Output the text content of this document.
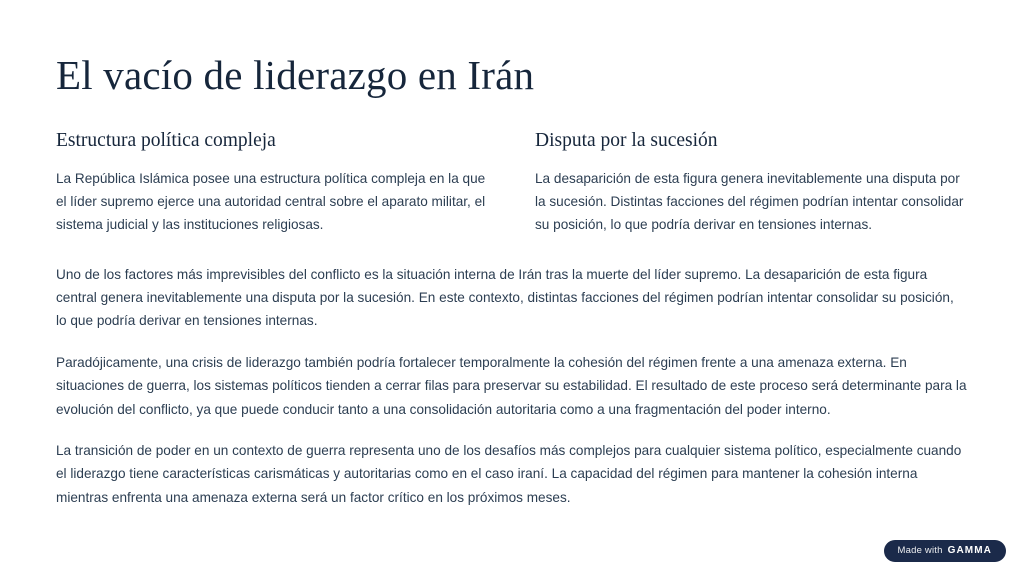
El vacío de liderazgo en Irán
Estructura política compleja

La República Islámica posee una estructura política compleja en la que el líder supremo ejerce una autoridad central sobre el aparato militar, el sistema judicial y las instituciones religiosas.

Disputa por la sucesión

La desaparición de esta figura genera inevitablemente una disputa por la sucesión. Distintas facciones del régimen podrían intentar consolidar su posición, lo que podría derivar en tensiones internas.

Uno de los factores más imprevisibles del conflicto es la situación interna de Irán tras la muerte del líder supremo. La desaparición de esta figura central genera inevitablemente una disputa por la sucesión. En este contexto, distintas facciones del régimen podrían intentar consolidar su posición, lo que podría derivar en tensiones internas.

Paradójicamente, una crisis de liderazgo también podría fortalecer temporalmente la cohesión del régimen frente a una amenaza externa. En situaciones de guerra, los sistemas políticos tienden a cerrar filas para preservar su estabilidad. El resultado de este proceso será determinante para la evolución del conflicto, ya que puede conducir tanto a una consolidación autoritaria como a una fragmentación del poder interno.

La transición de poder en un contexto de guerra representa uno de los desafíos más complejos para cualquier sistema político, especialmente cuando el liderazgo tiene características carismáticas y autoritarias como en el caso iraní. La capacidad del régimen para mantener la cohesión interna mientras enfrenta una amenaza externa será un factor crítico en los próximos meses.

Made with GAMMA
